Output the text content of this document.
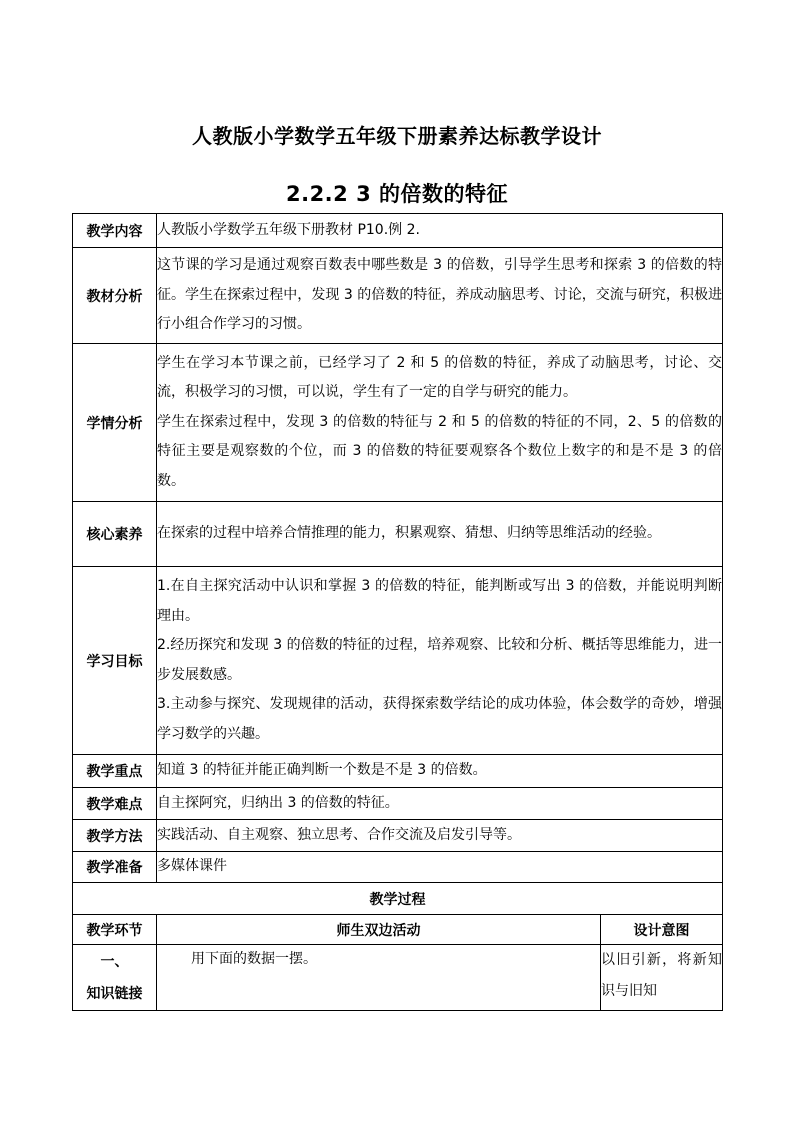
人教版小学数学五年级下册素养达标教学设计
2.2.2 3 的倍数的特征
教学内容	人教版小学数学五年级下册教材 P10.例 2.	

教材分析	这节课的学习是通过观察百数表中哪些数是 3 的倍数，引导学生思考和探索 3 的倍数的特征。学生在探索过程中，发现 3 的倍数的特征，养成动脑思考、讨论，交流与研究，积极进行小组合作学习的习惯。	

学情分析	学生在学习本节课之前，已经学习了 2 和 5 的倍数的特征，养成了动脑思考，讨论、交流，积极学习的习惯，可以说，学生有了一定的自学与研究的能力。

学生在探索过程中，发现 3 的倍数的特征与 2 和 5 的倍数的特征的不同，2、5 的倍数的特征主要是观察数的个位，而 3 的倍数的特征要观察各个数位上数字的和是不是 3 的倍数。	

核心素养	在探索的过程中培养合情推理的能力，积累观察、猜想、归纳等思维活动的经验。	

学习目标	1.在自主探究活动中认识和掌握 3 的倍数的特征，能判断或写出 3 的倍数，并能说明判断理由。

2.经历探究和发现 3 的倍数的特征的过程，培养观察、比较和分析、概括等思维能力，进一步发展数感。

3.主动参与探究、发现规律的活动，获得探索数学结论的成功体验，体会数学的奇妙，增强学习数学的兴趣。	

教学重点	知道 3 的特征并能正确判断一个数是不是 3 的倍数。	

教学难点	自主探阿究，归纳出 3 的倍数的特征。	

教学方法	实践活动、自主观察、独立思考、合作交流及启发引导等。	

教学准备	多媒体课件	

教学过程		
教学环节	师生双边活动	设计意图

一、
知识链接	用下面的数据一摆。	以旧引新，将新知识与旧知
